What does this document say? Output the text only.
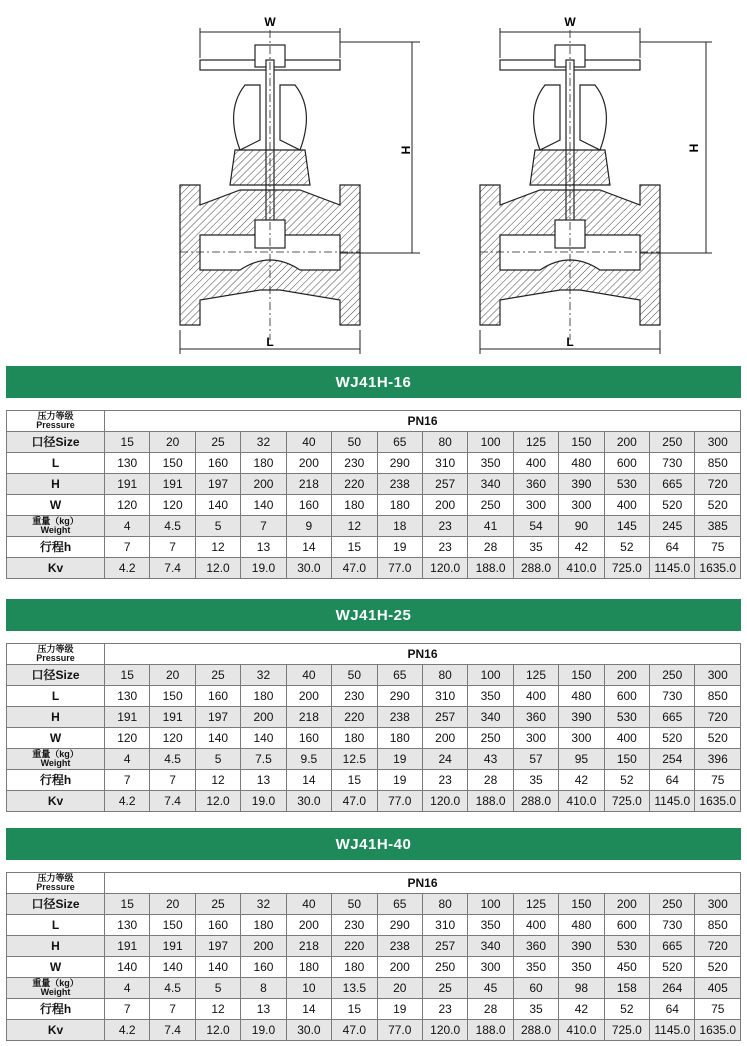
W
H
L
W
H
L
WJ41H-16
压力等级
Pressure	PN16													
口径Size	15	20	25	32	40	50	65	80	100	125	150	200	250	300
L	130	150	160	180	200	230	290	310	350	400	480	600	730	850
H	191	191	197	200	218	220	238	257	340	360	390	530	665	720
W	120	120	140	140	160	180	180	200	250	300	300	400	520	520

重量（kg）
Weight	4	4.5	5	7	9	12	18	23	41	54	90	145	245	385
行程h	7	7	12	13	14	15	19	23	28	35	42	52	64	75
Kv	4.2	7.4	12.0	19.0	30.0	47.0	77.0	120.0	188.0	288.0	410.0	725.0	1145.0	1635.0
WJ41H-25
压力等级
Pressure	PN16													
口径Size	15	20	25	32	40	50	65	80	100	125	150	200	250	300
L	130	150	160	180	200	230	290	310	350	400	480	600	730	850
H	191	191	197	200	218	220	238	257	340	360	390	530	665	720
W	120	120	140	140	160	180	180	200	250	300	300	400	520	520

重量（kg）
Weight	4	4.5	5	7.5	9.5	12.5	19	24	43	57	95	150	254	396
行程h	7	7	12	13	14	15	19	23	28	35	42	52	64	75
Kv	4.2	7.4	12.0	19.0	30.0	47.0	77.0	120.0	188.0	288.0	410.0	725.0	1145.0	1635.0
WJ41H-40
压力等级
Pressure	PN16													
口径Size	15	20	25	32	40	50	65	80	100	125	150	200	250	300
L	130	150	160	180	200	230	290	310	350	400	480	600	730	850
H	191	191	197	200	218	220	238	257	340	360	390	530	665	720
W	140	140	140	160	180	180	200	250	300	350	350	450	520	520

重量（kg）
Weight	4	4.5	5	8	10	13.5	20	25	45	60	98	158	264	405
行程h	7	7	12	13	14	15	19	23	28	35	42	52	64	75
Kv	4.2	7.4	12.0	19.0	30.0	47.0	77.0	120.0	188.0	288.0	410.0	725.0	1145.0	1635.0
